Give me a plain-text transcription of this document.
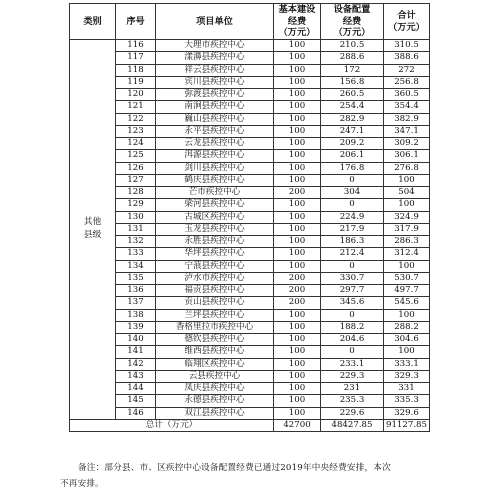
类别	序号	项目单位	基本建设
经费
（万元）	设备配置
经费
（万元）	合计
（万元）
其他
县级	116	大理市疾控中心	100	210.5	310.5
	117	漾濞县疾控中心	100	288.6	388.6
	118	祥云县疾控中心	100	172	272
	119	宾川县疾控中心	100	156.8	256.8
	120	弥渡县疾控中心	100	260.5	360.5
	121	南涧县疾控中心	100	254.4	354.4
	122	巍山县疾控中心	100	282.9	382.9
	123	永平县疾控中心	100	247.1	347.1
	124	云龙县疾控中心	100	209.2	309.2
	125	洱源县疾控中心	100	206.1	306.1
	126	剑川县疾控中心	100	176.8	276.8
	127	鹤庆县疾控中心	100	0	100
	128	芒市疾控中心	200	304	504
	129	梁河县疾控中心	100	0	100
	130	古城区疾控中心	100	224.9	324.9
	131	玉龙县疾控中心	100	217.9	317.9
	132	永胜县疾控中心	100	186.3	286.3
	133	华坪县疾控中心	100	212.4	312.4
	134	宁蒗县疾控中心	100	0	100
	135	泸水市疾控中心	200	330.7	530.7
	136	福贡县疾控中心	200	297.7	497.7
	137	贡山县疾控中心	200	345.6	545.6
	138	兰坪县疾控中心	100	0	100
	139	香格里拉市疾控中心	100	188.2	288.2
	140	德钦县疾控中心	100	204.6	304.6
	141	维西县疾控中心	100	0	100
	142	临翔区疾控中心	100	233.1	333.1
	143	云县疾控中心	100	229.3	329.3
	144	凤庆县疾控中心	100	231	331
	145	永德县疾控中心	100	235.3	335.3
	146	双江县疾控中心	100	229.6	329.6
总计（万元）			42700	48427.85	91127.85
备注：部分县、市、区疾控中心设备配置经费已通过2019年中央经费安排，本次
不再安排。
